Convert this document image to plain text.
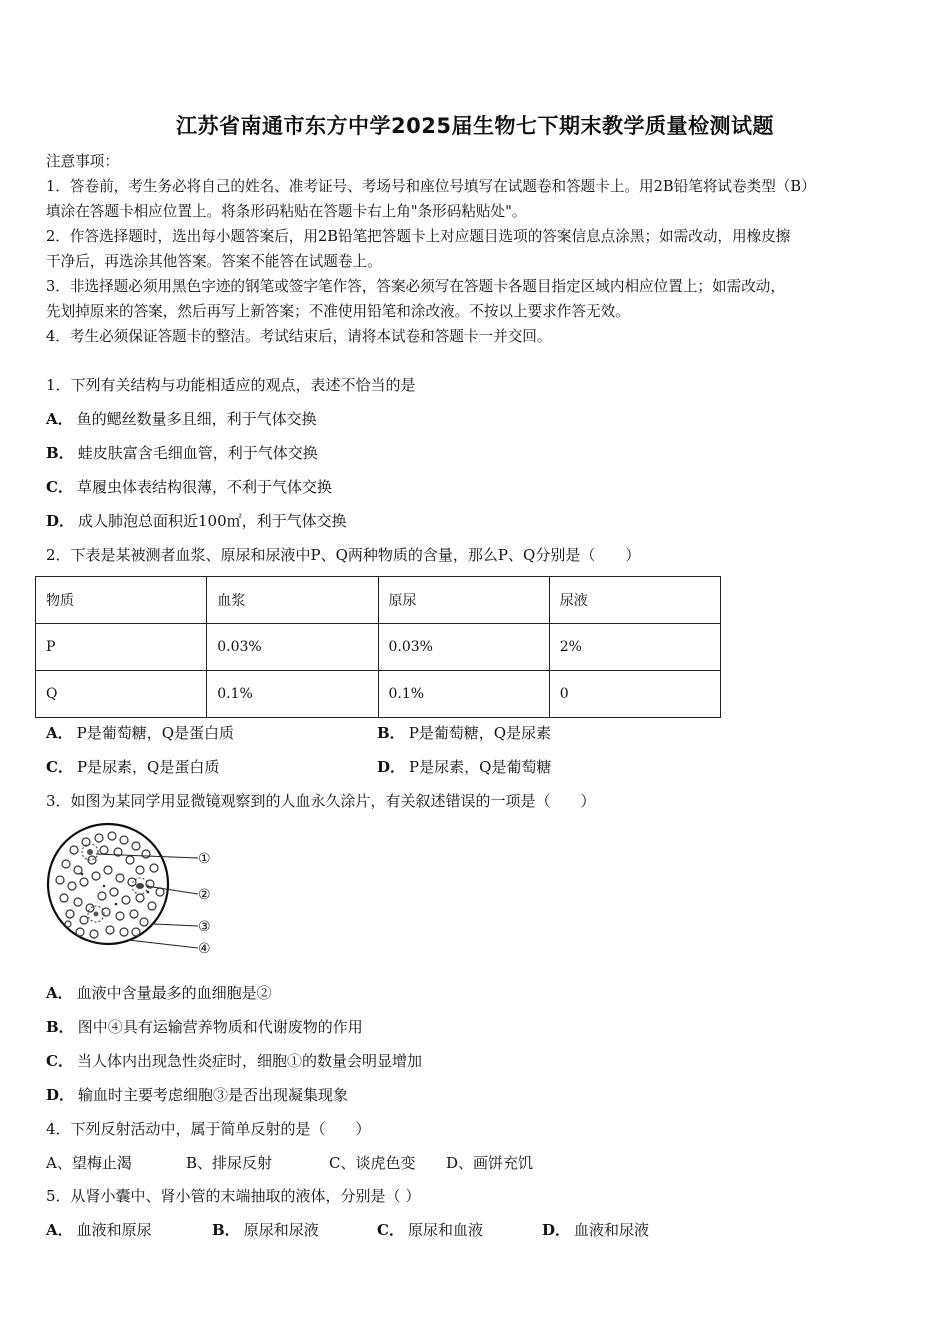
江苏省南通市东方中学2025届生物七下期末教学质量检测试题
注意事项：
1．答卷前，考生务必将自己的姓名、准考证号、考场号和座位号填写在试题卷和答题卡上。用2B铅笔将试卷类型（B）
填涂在答题卡相应位置上。将条形码粘贴在答题卡右上角"条形码粘贴处"。
2．作答选择题时，选出每小题答案后，用2B铅笔把答题卡上对应题目选项的答案信息点涂黑；如需改动，用橡皮擦
干净后，再选涂其他答案。答案不能答在试题卷上。
3．非选择题必须用黑色字迹的钢笔或签字笔作答，答案必须写在答题卡各题目指定区域内相应位置上；如需改动，
先划掉原来的答案，然后再写上新答案；不准使用铅笔和涂改液。不按以上要求作答无效。
4．考生必须保证答题卡的整洁。考试结束后，请将本试卷和答题卡一并交回。
1．下列有关结构与功能相适应的观点，表述不恰当的是
A． 鱼的鳃丝数量多且细，利于气体交换
B． 蛙皮肤富含毛细血管，利于气体交换
C． 草履虫体表结构很薄，不利于气体交换
D． 成人肺泡总面积近100㎡，利于气体交换
2．下表是某被测者血浆、原尿和尿液中P、Q两种物质的含量，那么P、Q分别是（　　）
物质	血浆	原尿	尿液
P	0.03%	0.03%	2%
Q	0.1%	0.1%	0
A． P是葡萄糖，Q是蛋白质	B． P是葡萄糖，Q是尿素
C． P是尿素，Q是蛋白质	D． P是尿素，Q是葡萄糖
3．如图为某同学用显微镜观察到的人血永久涂片，有关叙述错误的一项是（　　）
①
②
③
④
A． 血液中含量最多的血细胞是②
B． 图中④具有运输营养物质和代谢废物的作用
C． 当人体内出现急性炎症时，细胞①的数量会明显增加
D． 输血时主要考虑细胞③是否出现凝集现象
4．下列反射活动中，属于简单反射的是（　　）
A、望梅止渴	B、排尿反射	C、谈虎色变 D、画饼充饥
5．从肾小囊中、肾小管的末端抽取的液体，分别是（ ）
A． 血液和原尿	B． 原尿和尿液	C． 原尿和血液	D． 血液和尿液
